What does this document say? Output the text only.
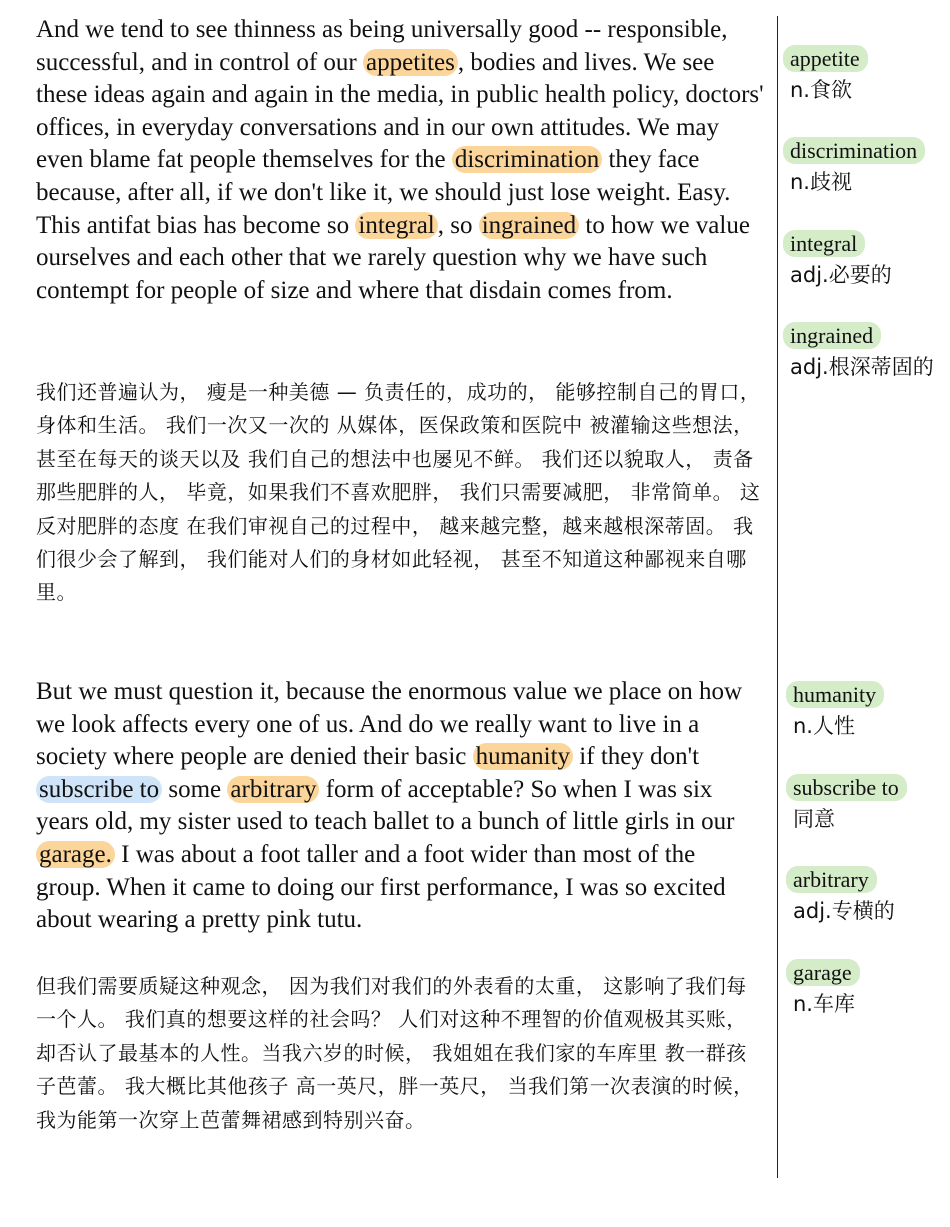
And we tend to see thinness as being universally good -- responsible, successful, and in control of our appetites , bodies and lives. We see these ideas again and again in the media, in public health policy, doctors' offices, in everyday conversations and in our own attitudes. We may even blame fat people themselves for the discrimination they face because, after all, if we don't like it, we should just lose weight. Easy. This antifat bias has become so integral , so ingrained to how we value ourselves and each other that we rarely question why we have such contempt for people of size and where that disdain comes from.

我们还普遍认为， 瘦是一种美德 — 负责任的，成功的， 能够控制自己的胃口，身体和生活。 我们一次又一次的 从媒体，医保政策和医院中 被灌输这些想法， 甚至在每天的谈天以及 我们自己的想法中也屡见不鲜。 我们还以貌取人， 责备那些肥胖的人， 毕竟，如果我们不喜欢肥胖， 我们只需要减肥， 非常简单。 这反对肥胖的态度 在我们审视自己的过程中， 越来越完整，越来越根深蒂固。 我们很少会了解到， 我们能对人们的身材如此轻视， 甚至不知道这种鄙视来自哪里。

But we must question it, because the enormous value we place on how we look affects every one of us. And do we really want to live in a society where people are denied their basic humanity if they don't subscribe to some arbitrary form of acceptable? So when I was six years old, my sister used to teach ballet to a bunch of little girls in our garage. I was about a foot taller and a foot wider than most of the group. When it came to doing our first performance, I was so excited about wearing a pretty pink tutu.

但我们需要质疑这种观念， 因为我们对我们的外表看的太重， 这影响了我们每一个人。 我们真的想要这样的社会吗？ 人们对这种不理智的价值观极其买账， 却否认了最基本的人性。当我六岁的时候， 我姐姐在我们家的车库里 教一群孩子芭蕾。 我大概比其他孩子 高一英尺，胖一英尺， 当我们第一次表演的时候， 我为能第一次穿上芭蕾舞裙感到特别兴奋。

appetite
n.食欲
discrimination
n.歧视
integral
adj.必要的
ingrained
adj.根深蒂固的
humanity
n.人性
subscribe to
同意
arbitrary
adj.专横的
garage
n.车库
